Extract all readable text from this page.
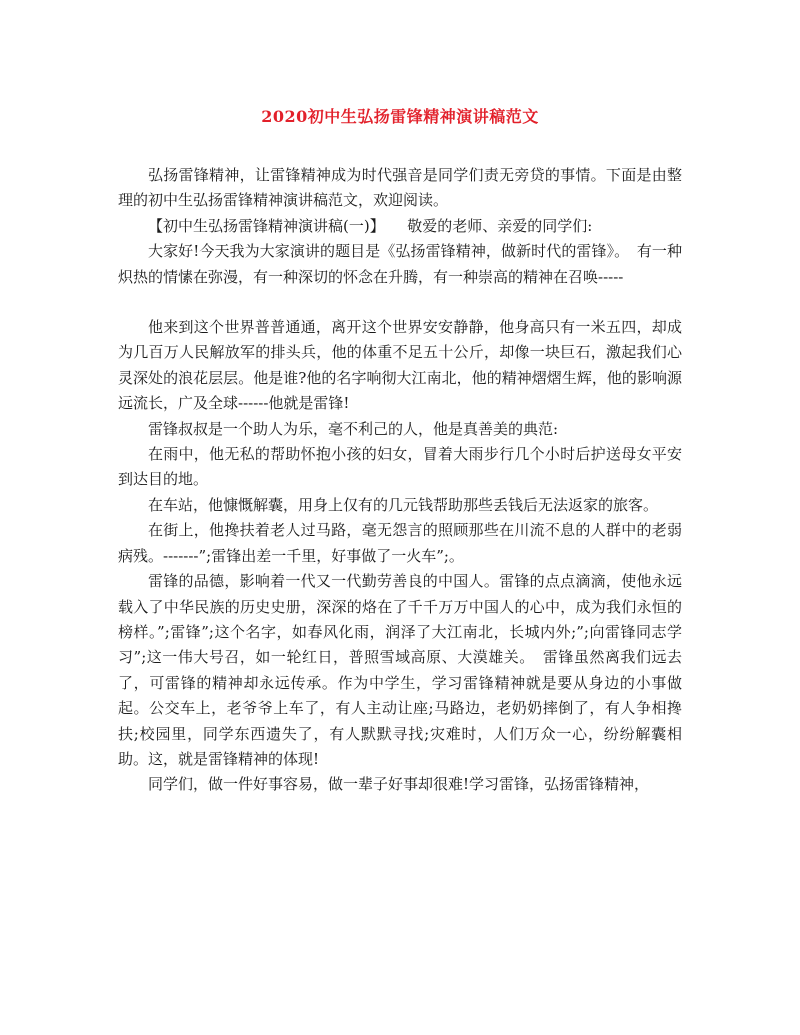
2020初中生弘扬雷锋精神演讲稿范文

弘扬雷锋精神，让雷锋精神成为时代强音是同学们责无旁贷的事情。下面是由整理的初中生弘扬雷锋精神演讲稿范文，欢迎阅读。

【初中生弘扬雷锋精神演讲稿(一)】　　敬爱的老师、亲爱的同学们:

大家好!今天我为大家演讲的题目是《弘扬雷锋精神，做新时代的雷锋》。　有一种炽热的情愫在弥漫，有一种深切的怀念在升腾，有一种崇高的精神在召唤-----

他来到这个世界普普通通，离开这个世界安安静静，他身高只有一米五四，却成为几百万人民解放军的排头兵，他的体重不足五十公斤，却像一块巨石，激起我们心灵深处的浪花层层。他是谁?他的名字响彻大江南北，他的精神熠熠生辉，他的影响源远流长，广及全球------他就是雷锋!

雷锋叔叔是一个助人为乐，毫不利己的人，他是真善美的典范:

在雨中，他无私的帮助怀抱小孩的妇女，冒着大雨步行几个小时后护送母女平安到达目的地。

在车站，他慷慨解囊，用身上仅有的几元钱帮助那些丢钱后无法返家的旅客。

在街上，他搀扶着老人过马路，毫无怨言的照顾那些在川流不息的人群中的老弱病残。-------”;雷锋出差一千里，好事做了一火车”;。

雷锋的品德，影响着一代又一代勤劳善良的中国人。雷锋的点点滴滴，使他永远载入了中华民族的历史史册，深深的烙在了千千万万中国人的心中，成为我们永恒的榜样。”;雷锋”;这个名字，如春风化雨，润泽了大江南北，长城内外;”;向雷锋同志学习”;这一伟大号召，如一轮红日，普照雪域高原、大漠雄关。　雷锋虽然离我们远去了，可雷锋的精神却永远传承。作为中学生，学习雷锋精神就是要从身边的小事做起。公交车上，老爷爷上车了，有人主动让座;马路边，老奶奶摔倒了，有人争相搀扶;校园里，同学东西遗失了，有人默默寻找;灾难时，人们万众一心，纷纷解囊相助。这，就是雷锋精神的体现!

同学们，做一件好事容易，做一辈子好事却很难!学习雷锋，弘扬雷锋精神，
